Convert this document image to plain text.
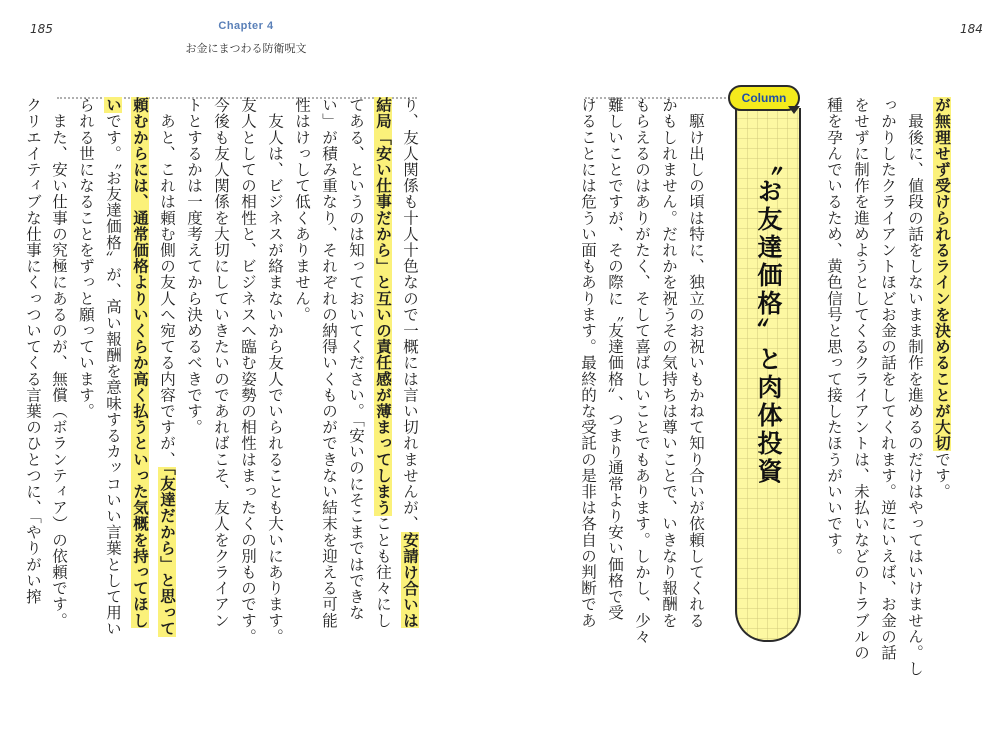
185	184
Chapter 4
お金にまつわる防衛呪文
が無理せず受けられるラインを決めることが大切です。
　最後に、値段の話をしないまま制作を進めるのだけはやってはいけません。し
っかりしたクライアントほどお金の話をしてくれます。逆にいえば、お金の話
をせずに制作を進めようとしてくるクライアントは、未払いなどのトラブルの
種を孕んでいるため、黄色信号と思って接したほうがいいです。
　駆け出しの頃は特に、独立のお祝いもかねて知り合いが依頼してくれる
かもしれません。だれかを祝うその気持ちは尊いことで、いきなり報酬を
もらえるのはありがたく、そして喜ばしいことでもあります。しかし、少々
難しいことですが、その際に〝友達価格〟、つまり通常より安い価格で受
けることには危うい面もあります。最終的な受託の是非は各自の判断であ
り、友人関係も十人十色なので一概には言い切れませんが、安請け合いは
結局「安い仕事だから」と互いの責任感が薄まってしまうことも往々にし
てある、というのは知っておいてください。「安いのにそこまではできな
い」が積み重なり、それぞれの納得いくものができない結末を迎える可能
性はけっして低くありません。
　友人は、ビジネスが絡まないから友人でいられることも大いにあります。
友人としての相性と、ビジネスへ臨む姿勢の相性はまったくの別ものです。
今後も友人関係を大切にしていきたいのであればこそ、友人をクライアン
トとするかは一度考えてから決めるべきです。
　あと、これは頼む側の友人へ宛てる内容ですが、「友達だから」と思って
頼むからには、通常価格よりいくらか高く払うといった気概を持ってほし
いです。〝お友達価格〟が、高い報酬を意味するカッコいい言葉として用い
られる世になることをずっと願っています。
　また、安い仕事の究極にあるのが、無償（ボランティア）の依頼です。
クリエイティブな仕事にくっついてくる言葉のひとつに、「やりがい搾	〝お友達価格〟と肉体投資
Column
